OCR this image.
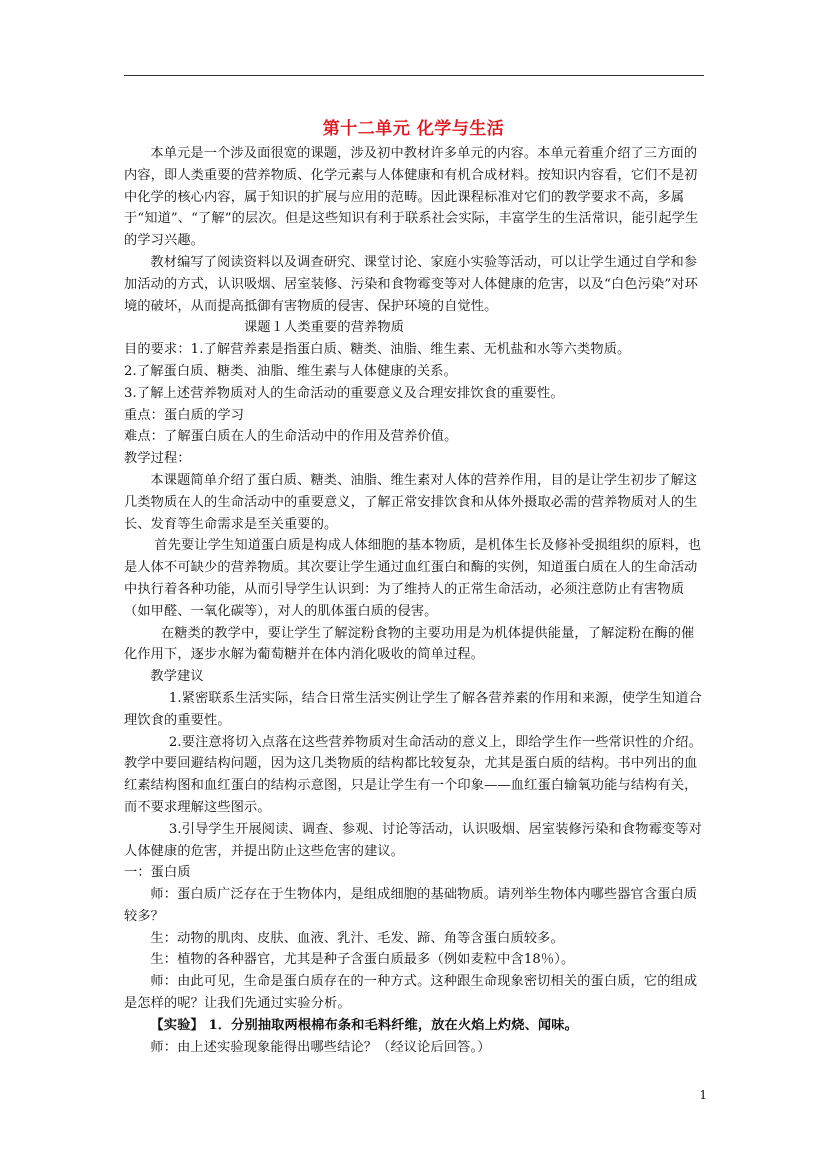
第十二单元 化学与生活

本单元是一个涉及面很宽的课题，涉及初中教材许多单元的内容。本单元着重介绍了三方面的内容，即人类重要的营养物质、化学元素与人体健康和有机合成材料。按知识内容看，它们不是初中化学的核心内容，属于知识的扩展与应用的范畴。因此课程标准对它们的教学要求不高，多属于“知道”、“了解”的层次。但是这些知识有利于联系社会实际，丰富学生的生活常识，能引起学生的学习兴趣。

教材编写了阅读资料以及调查研究、课堂讨论、家庭小实验等活动，可以让学生通过自学和参加活动的方式，认识吸烟、居室装修、污染和食物霉变等对人体健康的危害，以及“白色污染”对环境的破坏，从而提高抵御有害物质的侵害、保护环境的自觉性。

课题１人类重要的营养物质

目的要求：1.了解营养素是指蛋白质、糖类、油脂、维生素、无机盐和水等六类物质。

2.了解蛋白质、糖类、油脂、维生素与人体健康的关系。

3.了解上述营养物质对人的生命活动的重要意义及合理安排饮食的重要性。

重点：蛋白质的学习

难点：了解蛋白质在人的生命活动中的作用及营养价值。

教学过程：

本课题简单介绍了蛋白质、糖类、油脂、维生素对人体的营养作用，目的是让学生初步了解这几类物质在人的生命活动中的重要意义，了解正常安排饮食和从体外摄取必需的营养物质对人的生长、发育等生命需求是至关重要的。

首先要让学生知道蛋白质是构成人体细胞的基本物质，是机体生长及修补受损组织的原料，也是人体不可缺少的营养物质。其次要让学生通过血红蛋白和酶的实例，知道蛋白质在人的生命活动中执行着各种功能，从而引导学生认识到：为了维持人的正常生命活动，必须注意防止有害物质（如甲醛、一氧化碳等），对人的肌体蛋白质的侵害。

在糖类的教学中，要让学生了解淀粉食物的主要功用是为机体提供能量，了解淀粉在酶的催化作用下，逐步水解为葡萄糖并在体内消化吸收的简单过程。

教学建议

1.紧密联系生活实际，结合日常生活实例让学生了解各营养素的作用和来源，使学生知道合理饮食的重要性。

2.要注意将切入点落在这些营养物质对生命活动的意义上，即给学生作一些常识性的介绍。教学中要回避结构问题，因为这几类物质的结构都比较复杂，尤其是蛋白质的结构。书中列出的血红素结构图和血红蛋白的结构示意图，只是让学生有一个印象——血红蛋白输氧功能与结构有关，而不要求理解这些图示。

3.引导学生开展阅读、调查、参观、讨论等活动，认识吸烟、居室装修污染和食物霉变等对人体健康的危害，并提出防止这些危害的建议。

一：蛋白质

师：蛋白质广泛存在于生物体内，是组成细胞的基础物质。请列举生物体内哪些器官含蛋白质较多？

生：动物的肌肉、皮肤、血液、乳汁、毛发、蹄、角等含蛋白质较多。

生：植物的各种器官，尤其是种子含蛋白质最多（例如麦粒中含18％）。

师：由此可见，生命是蛋白质存在的一种方式。这种跟生命现象密切相关的蛋白质，它的组成是怎样的呢？让我们先通过实验分析。

【实验】 1．分别抽取两根棉布条和毛料纤维，放在火焰上灼烧、闻味。

师：由上述实验现象能得出哪些结论？（经议论后回答。）

1
